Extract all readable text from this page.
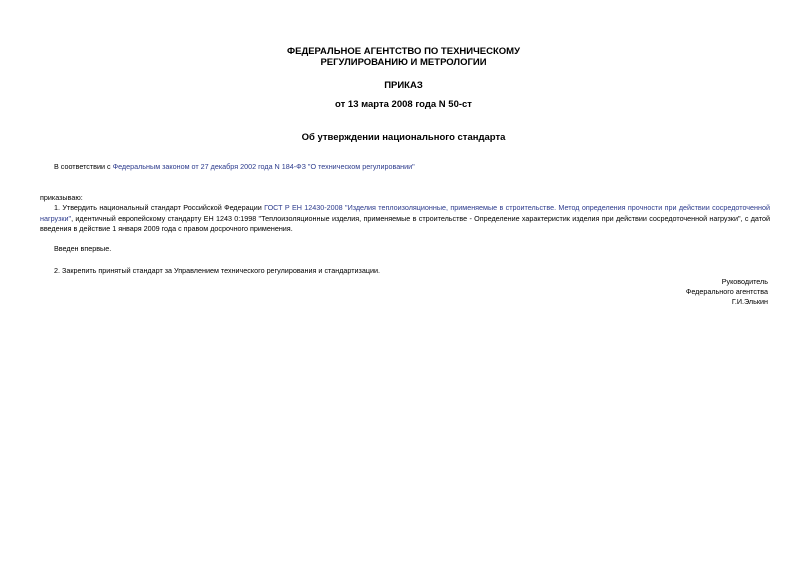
ФЕДЕРАЛЬНОЕ АГЕНТСТВО ПО ТЕХНИЧЕСКОМУ
РЕГУЛИРОВАНИЮ И МЕТРОЛОГИИ
ПРИКАЗ
от 13 марта 2008 года N 50-ст
Об утверждении национального стандарта
В соответствии с Федеральным законом от 27 декабря 2002 года N 184-ФЗ "О техническом регулировании"
приказываю:
1. Утвердить национальный стандарт Российской Федерации ГОСТ Р ЕН 12430-2008 "Изделия теплоизоляционные, применяемые в строительстве. Метод определения прочности при действии сосредоточенной нагрузки", идентичный европейскому стандарту ЕН 1243 0:1998 "Теплоизоляционные изделия, применяемые в строительстве - Определение характеристик изделия при действии сосредоточенной нагрузки", с датой введения в действие 1 января 2009 года с правом досрочного применения.
Введен впервые.
2. Закрепить принятый стандарт за Управлением технического регулирования и стандартизации.
Руководитель
Федерального агентства
Г.И.Элькин
